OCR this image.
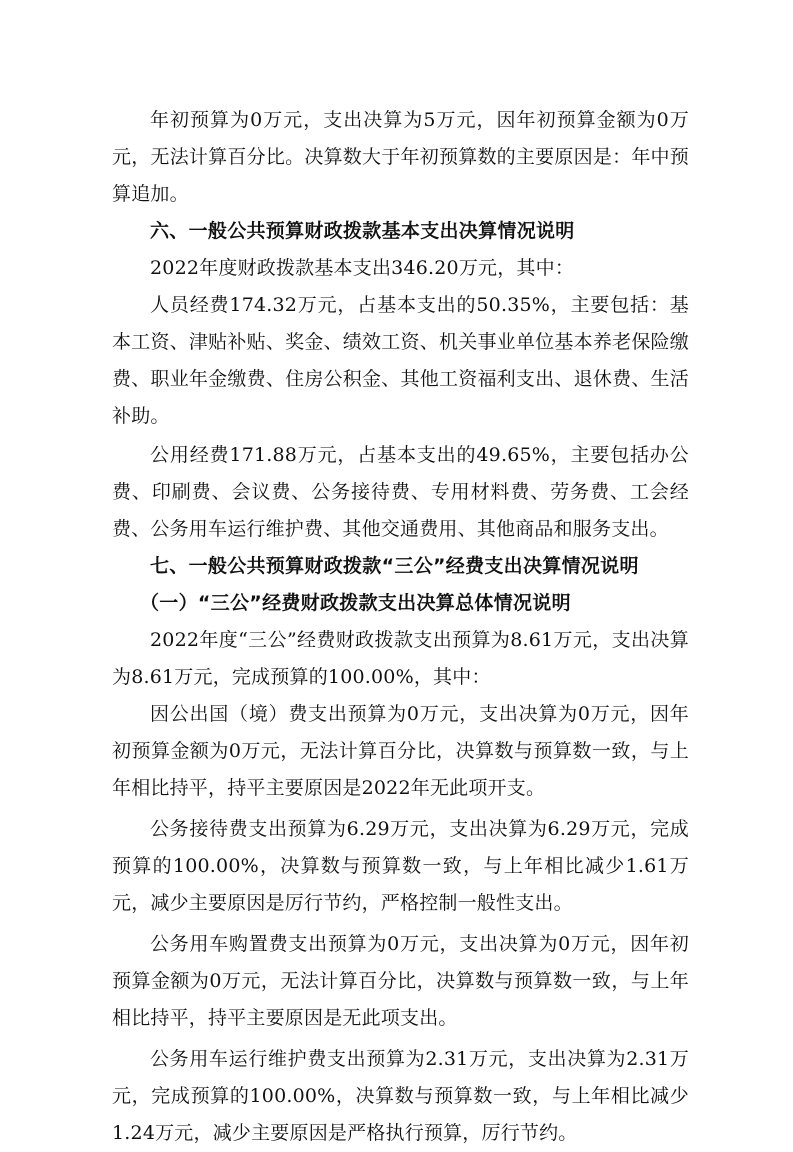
年初预算为0万元，支出决算为5万元，因年初预算金额为0万元，无法计算百分比。决算数大于年初预算数的主要原因是：年中预算追加。

六、一般公共预算财政拨款基本支出决算情况说明

2022年度财政拨款基本支出346.20万元，其中：

人员经费174.32万元，占基本支出的50.35%，主要包括：基本工资、津贴补贴、奖金、绩效工资、机关事业单位基本养老保险缴费、职业年金缴费、住房公积金、其他工资福利支出、退休费、生活补助。

公用经费171.88万元，占基本支出的49.65%，主要包括办公费、印刷费、会议费、公务接待费、专用材料费、劳务费、工会经费、公务用车运行维护费、其他交通费用、其他商品和服务支出。

七、一般公共预算财政拨款“三公”经费支出决算情况说明

（一）“三公”经费财政拨款支出决算总体情况说明

2022年度“三公”经费财政拨款支出预算为8.61万元，支出决算为8.61万元，完成预算的100.00%，其中：

因公出国（境）费支出预算为0万元，支出决算为0万元，因年初预算金额为0万元，无法计算百分比，决算数与预算数一致，与上年相比持平，持平主要原因是2022年无此项开支。

公务接待费支出预算为6.29万元，支出决算为6.29万元，完成预算的100.00%，决算数与预算数一致，与上年相比减少1.61万元，减少主要原因是厉行节约，严格控制一般性支出。

公务用车购置费支出预算为0万元，支出决算为0万元，因年初预算金额为0万元，无法计算百分比，决算数与预算数一致，与上年相比持平，持平主要原因是无此项支出。

公务用车运行维护费支出预算为2.31万元，支出决算为2.31万元，完成预算的100.00%，决算数与预算数一致，与上年相比减少1.24万元，减少主要原因是严格执行预算，厉行节约。
